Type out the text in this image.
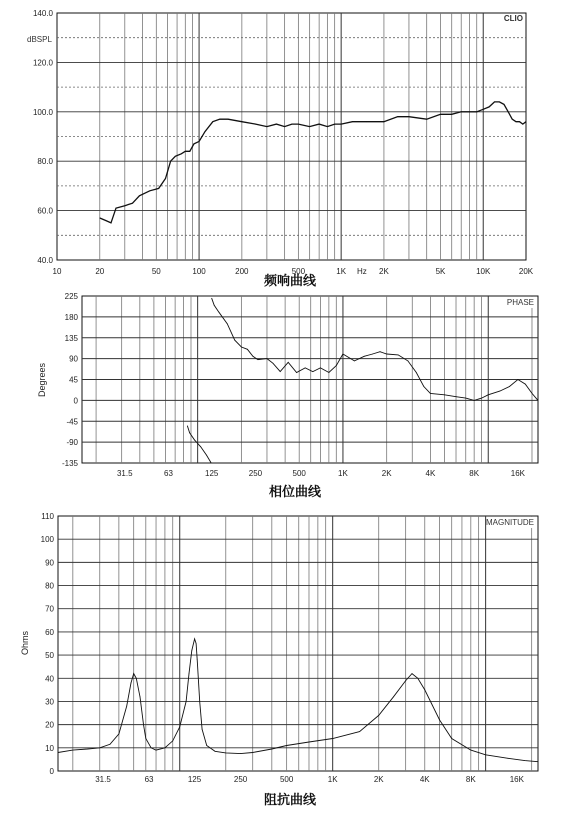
40.0
60.0
80.0
100.0
120.0
140.0
10	20	50	100	200	500	1K	2K	5K	10K	20K
dBSPL
Hz
CLIO
频响曲线
225
180
135
90
45
0
-45
-90
-135
31.5	63	125	250	500	1K	2K	4K	8K	16K
Degrees
PHASE
相位曲线
0
10
20
30
40
50
60
70
80
90
100
110
31.5	63	125	250	500	1K	2K	4K	8K	16K
Ohms
MAGNITUDE
阻抗曲线
